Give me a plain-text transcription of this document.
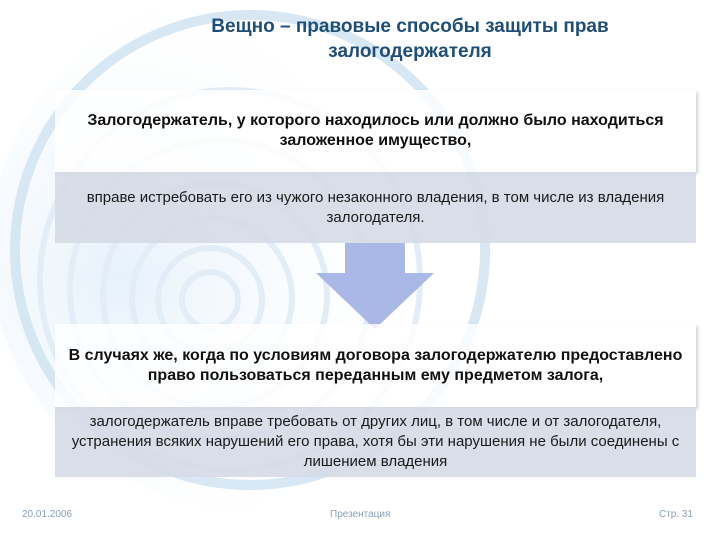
Вещно – правовые способы защиты прав залогодержателя
Залогодержатель, у которого находилось или должно было находиться заложенное имущество,
вправе истребовать его из чужого незаконного владения, в том числе из владения залогодателя.
В случаях же, когда по условиям договора залогодержателю предоставлено право пользоваться переданным ему предметом залога,
залогодержатель вправе требовать от других лиц, в том числе и от залогодателя, устранения всяких нарушений его права, хотя бы эти нарушения не были соединены с лишением владения
20.01.2006	Презентация	Стр. 31
